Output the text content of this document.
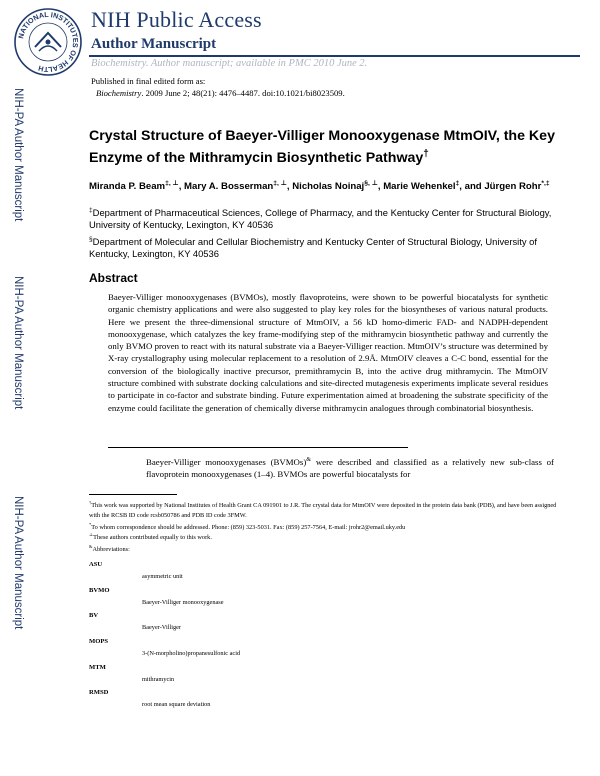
NATIONAL INSTITUTES OF HEALTH
NIH Public Access
Author Manuscript
Biochemistry. Author manuscript; available in PMC 2010 June 2.
Published in final edited form as:
Biochemistry. 2009 June 2; 48(21): 4476–4487. doi:10.1021/bi8023509.
NIH-PA Author Manuscript
NIH-PA Author Manuscript
NIH-PA Author Manuscript
Crystal Structure of Baeyer-Villiger Monooxygenase MtmOIV, the Key Enzyme of the Mithramycin Biosynthetic Pathway†
Miranda P. Beam‡, ⊥, Mary A. Bosserman‡, ⊥, Nicholas Noinaj§, ⊥, Marie Wehenkel‡, and Jürgen Rohr*,‡
‡Department of Pharmaceutical Sciences, College of Pharmacy, and the Kentucky Center for Structural Biology, University of Kentucky, Lexington, KY 40536
§Department of Molecular and Cellular Biochemistry and Kentucky Center of Structural Biology, University of Kentucky, Lexington, KY 40536
Abstract
Baeyer-Villiger monooxygenases (BVMOs), mostly flavoproteins, were shown to be powerful biocatalysts for synthetic organic chemistry applications and were also suggested to play key roles for the biosyntheses of various natural products. Here we present the three-dimensional structure of MtmOIV, a 56 kD homo-dimeric FAD- and NADPH-dependent monooxygenase, which catalyzes the key frame-modifying step of the mithramycin biosynthetic pathway and currently the only BVMO proven to react with its natural substrate via a Baeyer-Villiger reaction. MtmOIV’s structure was determined by X-ray crystallography using molecular replacement to a resolution of 2.9Å. MtmOIV cleaves a C-C bond, essential for the conversion of the biologically inactive precursor, premithramycin B, into the active drug mithramycin. The MtmOIV structure combined with substrate docking calculations and site-directed mutagenesis experiments implicate several residues to participate in co-factor and substrate binding. Future experimentation aimed at broadening the substrate specificity of the enzyme could facilitate the generation of chemically diverse mithramycin analogues through combinatorial biosynthesis.
Baeyer-Villiger monooxygenases (BVMOs)& were described and classified as a relatively new sub-class of flavoprotein monooxygenases (1–4). BVMOs are powerful biocatalysts for
†This work was supported by National Institutes of Health Grant CA 091901 to J.R. The crystal data for MtmOIV were deposited in the protein data bank (PDB), and have been assigned with the RCSB ID code rcsb050786 and PDB ID code 3FMW.
*To whom correspondence should be addressed. Phone: (859) 323-5031. Fax: (859) 257-7564, E-mail: jrohr2@email.uky.edu
⊥These authors contributed equally to this work.
&Abbreviations:
ASU
asymmetric unit
BVMO
Baeyer-Villiger monooxygenase
BV
Baeyer-Villiger
MOPS
3-(N-morpholino)propanesulfonic acid
MTM
mithramycin
RMSD
root mean square deviation
